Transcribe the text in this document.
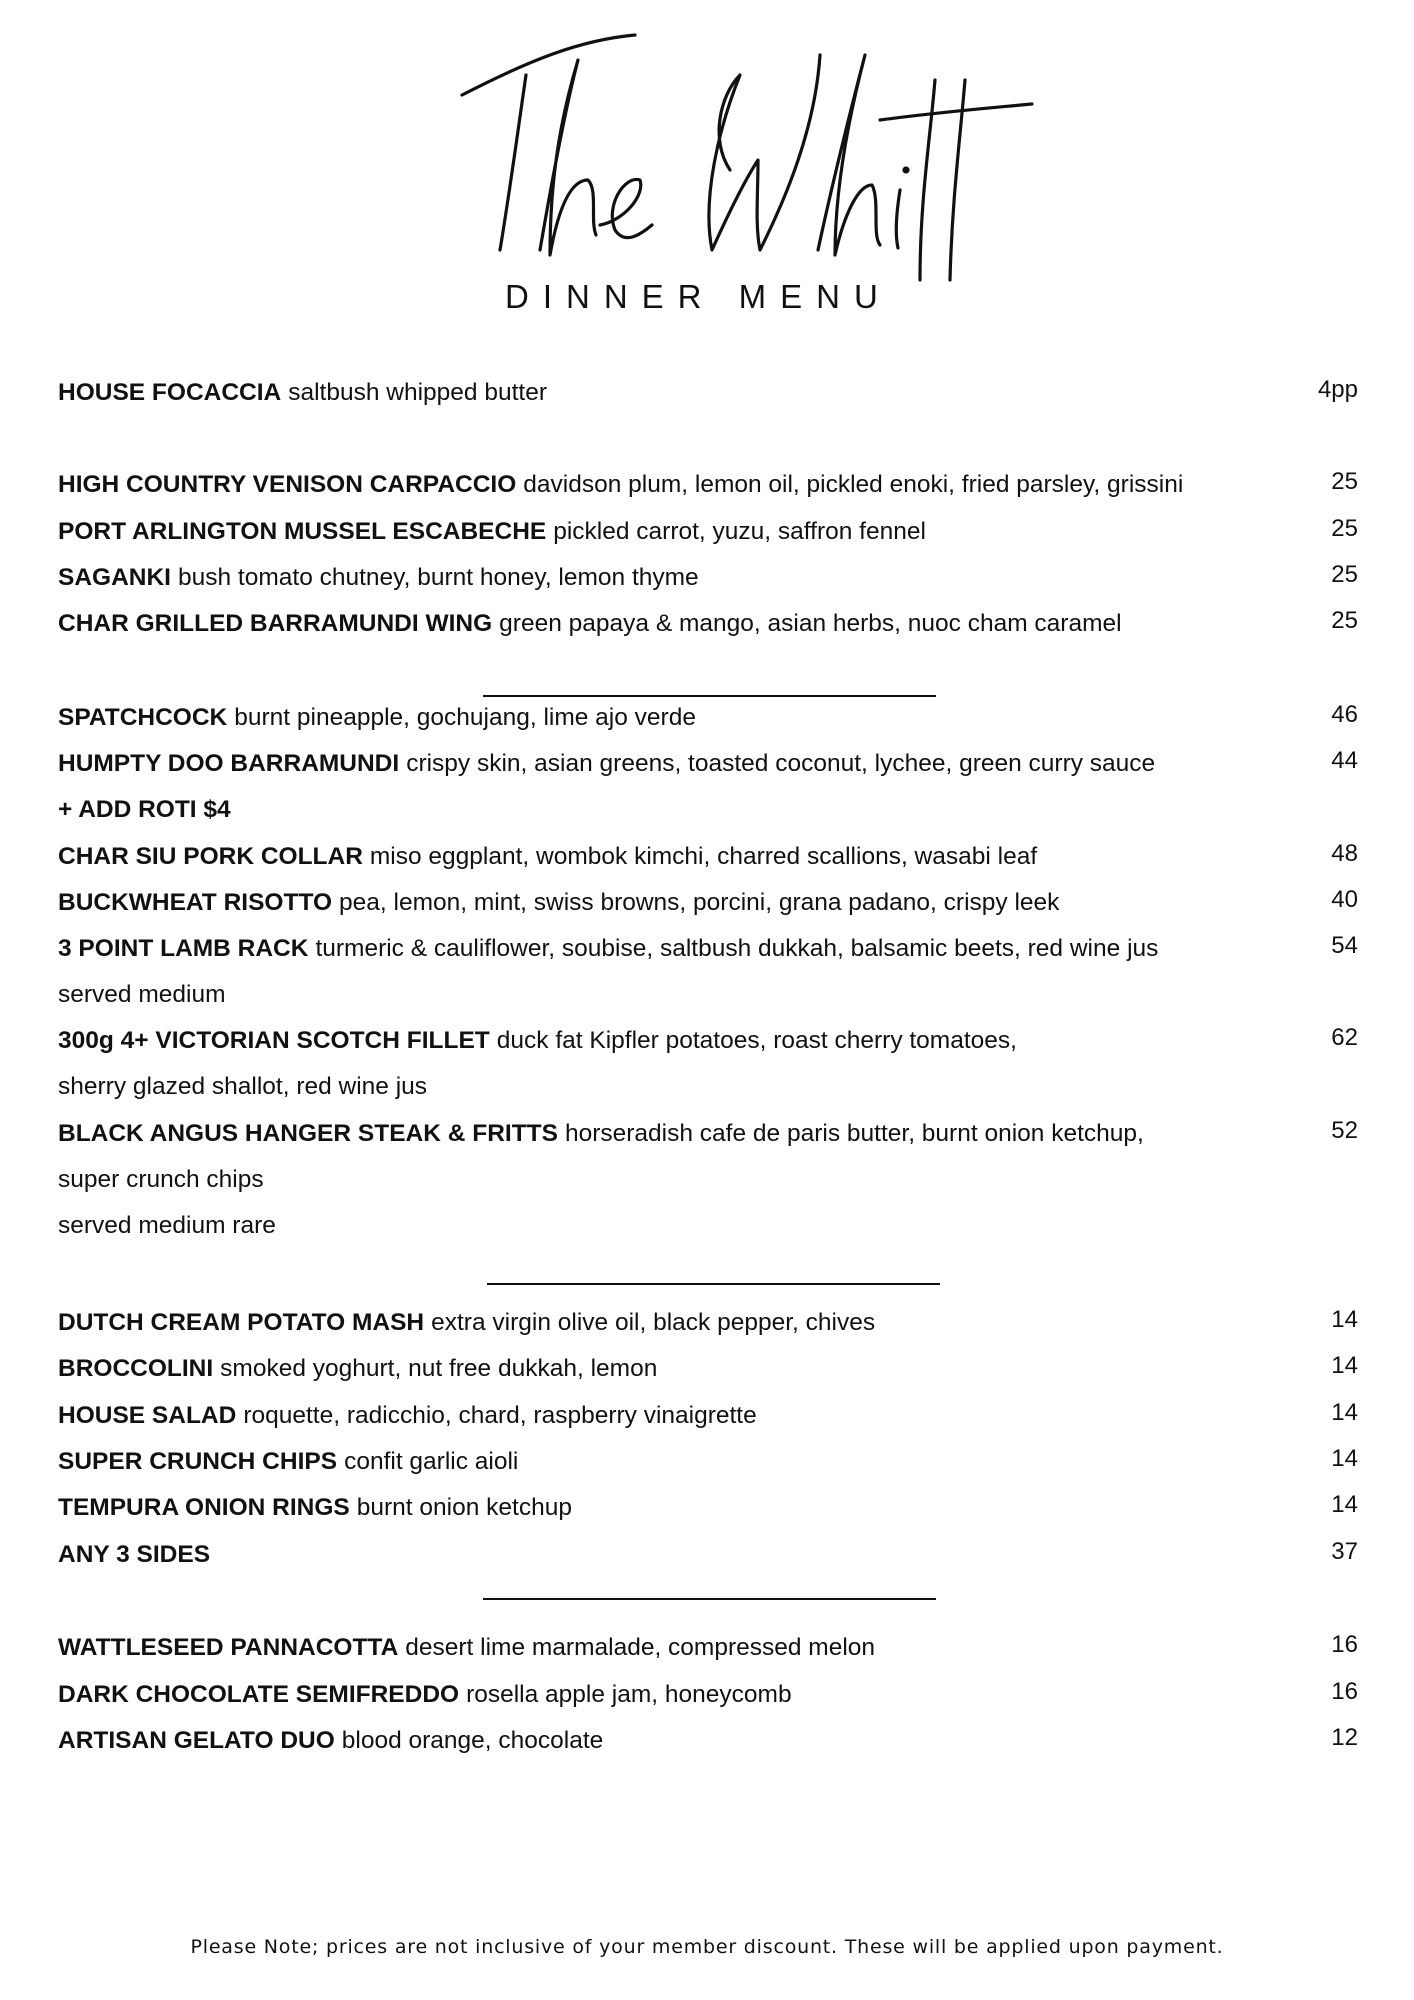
DINNER MENU
HOUSE FOCACCIA saltbush whipped butter	4pp
HIGH COUNTRY VENISON CARPACCIO davidson plum, lemon oil, pickled enoki, fried parsley, grissini	25
PORT ARLINGTON MUSSEL ESCABECHE pickled carrot, yuzu, saffron fennel	25
SAGANKI bush tomato chutney, burnt honey, lemon thyme	25
CHAR GRILLED BARRAMUNDI WING green papaya & mango, asian herbs, nuoc cham caramel	25
SPATCHCOCK burnt pineapple, gochujang, lime ajo verde	46
HUMPTY DOO BARRAMUNDI crispy skin, asian greens, toasted coconut, lychee, green curry sauce	44
+ ADD ROTI $4
CHAR SIU PORK COLLAR miso eggplant, wombok kimchi, charred scallions, wasabi leaf	48
BUCKWHEAT RISOTTO pea, lemon, mint, swiss browns, porcini, grana padano, crispy leek	40
3 POINT LAMB RACK turmeric & cauliflower, soubise, saltbush dukkah, balsamic beets, red wine jus	54
served medium
300g 4+ VICTORIAN SCOTCH FILLET duck fat Kipfler potatoes, roast cherry tomatoes,	62
sherry glazed shallot, red wine jus
BLACK ANGUS HANGER STEAK & FRITTS horseradish cafe de paris butter, burnt onion ketchup,	52
super crunch chips
served medium rare
DUTCH CREAM POTATO MASH extra virgin olive oil, black pepper, chives	14
BROCCOLINI smoked yoghurt, nut free dukkah, lemon	14
HOUSE SALAD roquette, radicchio, chard, raspberry vinaigrette	14
SUPER CRUNCH CHIPS confit garlic aioli	14
TEMPURA ONION RINGS burnt onion ketchup	14
ANY 3 SIDES	37
WATTLESEED PANNACOTTA desert lime marmalade, compressed melon	16
DARK CHOCOLATE SEMIFREDDO rosella apple jam, honeycomb	16
ARTISAN GELATO DUO blood orange, chocolate	12
Please Note; prices are not inclusive of your member discount. These will be applied upon payment.
